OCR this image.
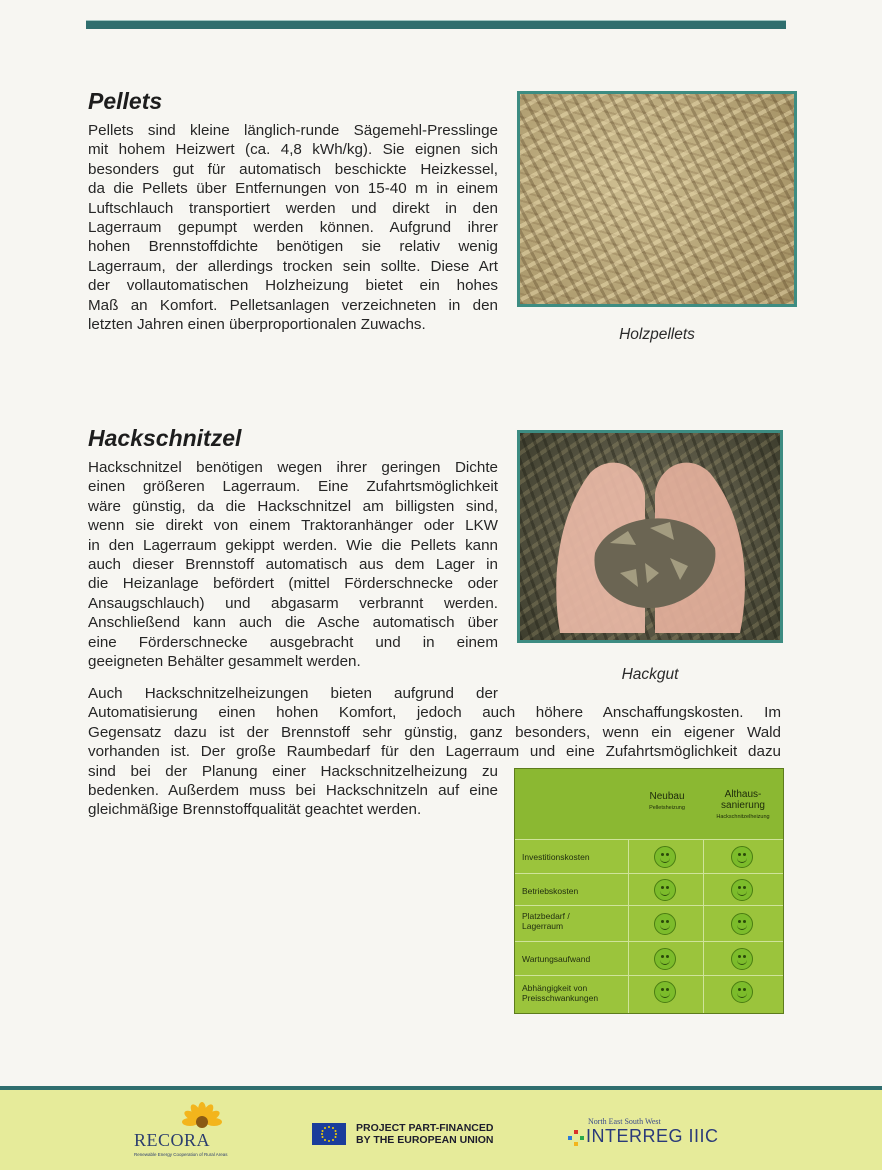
Pellets
Pellets sind kleine länglich-runde Sägemehl-Presslinge
mit hohem Heizwert (ca. 4,8 kWh/kg). Sie eignen sich
besonders gut für automatisch beschickte Heizkessel,
da die Pellets über Entfernungen von 15-40 m in einem
Luftschlauch transportiert werden und direkt in den
Lagerraum gepumpt werden können. Aufgrund ihrer
hohen Brennstoffdichte benötigen sie relativ wenig
Lagerraum, der allerdings trocken sein sollte. Diese Art
der vollautomatischen Holzheizung bietet ein hohes
Maß an Komfort. Pelletsanlagen verzeichneten in den
letzten Jahren einen überproportionalen Zuwachs.

Holzpellets

Hackschnitzel
Hackschnitzel benötigen wegen ihrer geringen Dichte
einen größeren Lagerraum. Eine Zufahrtsmöglichkeit
wäre günstig, da die Hackschnitzel am billigsten sind,
wenn sie direkt von einem Traktoranhänger oder LKW
in den Lagerraum gekippt werden. Wie die Pellets kann
auch dieser Brennstoff automatisch aus dem Lager in
die Heizanlage befördert (mittel Förderschnecke oder
Ansaugschlauch) und abgasarm verbrannt werden.
Anschließend kann auch die Asche automatisch über
eine Förderschnecke ausgebracht und in einem
geeigneten Behälter gesammelt werden.

Hackgut

Auch Hackschnitzelheizungen bieten aufgrund der
Automatisierung einen hohen Komfort, jedoch auch höhere Anschaffungskosten. Im
Gegensatz dazu ist der Brennstoff sehr günstig, ganz besonders, wenn ein eigener Wald
vorhanden ist. Der große Raumbedarf für den Lagerraum und eine Zufahrtsmöglichkeit dazu
sind bei der Planung einer Hackschnitzelheizung zu
bedenken. Außerdem muss bei Hackschnitzeln auf eine
gleichmäßige Brennstoffqualität geachtet werden.
Neubau
Pelletsheizung
Althaus-
sanierung
Hackschnitzelheizung
Investitionskosten
Betriebskosten
Platzbedarf /
Lagerraum
Wartungsaufwand
Abhängigkeit von
Preisschwankungen
RECORA
Renewable Energy Cooperation of Rural Areas
PROJECT PART-FINANCED
BY THE EUROPEAN UNION
North East South West
INTERREG IIIC
